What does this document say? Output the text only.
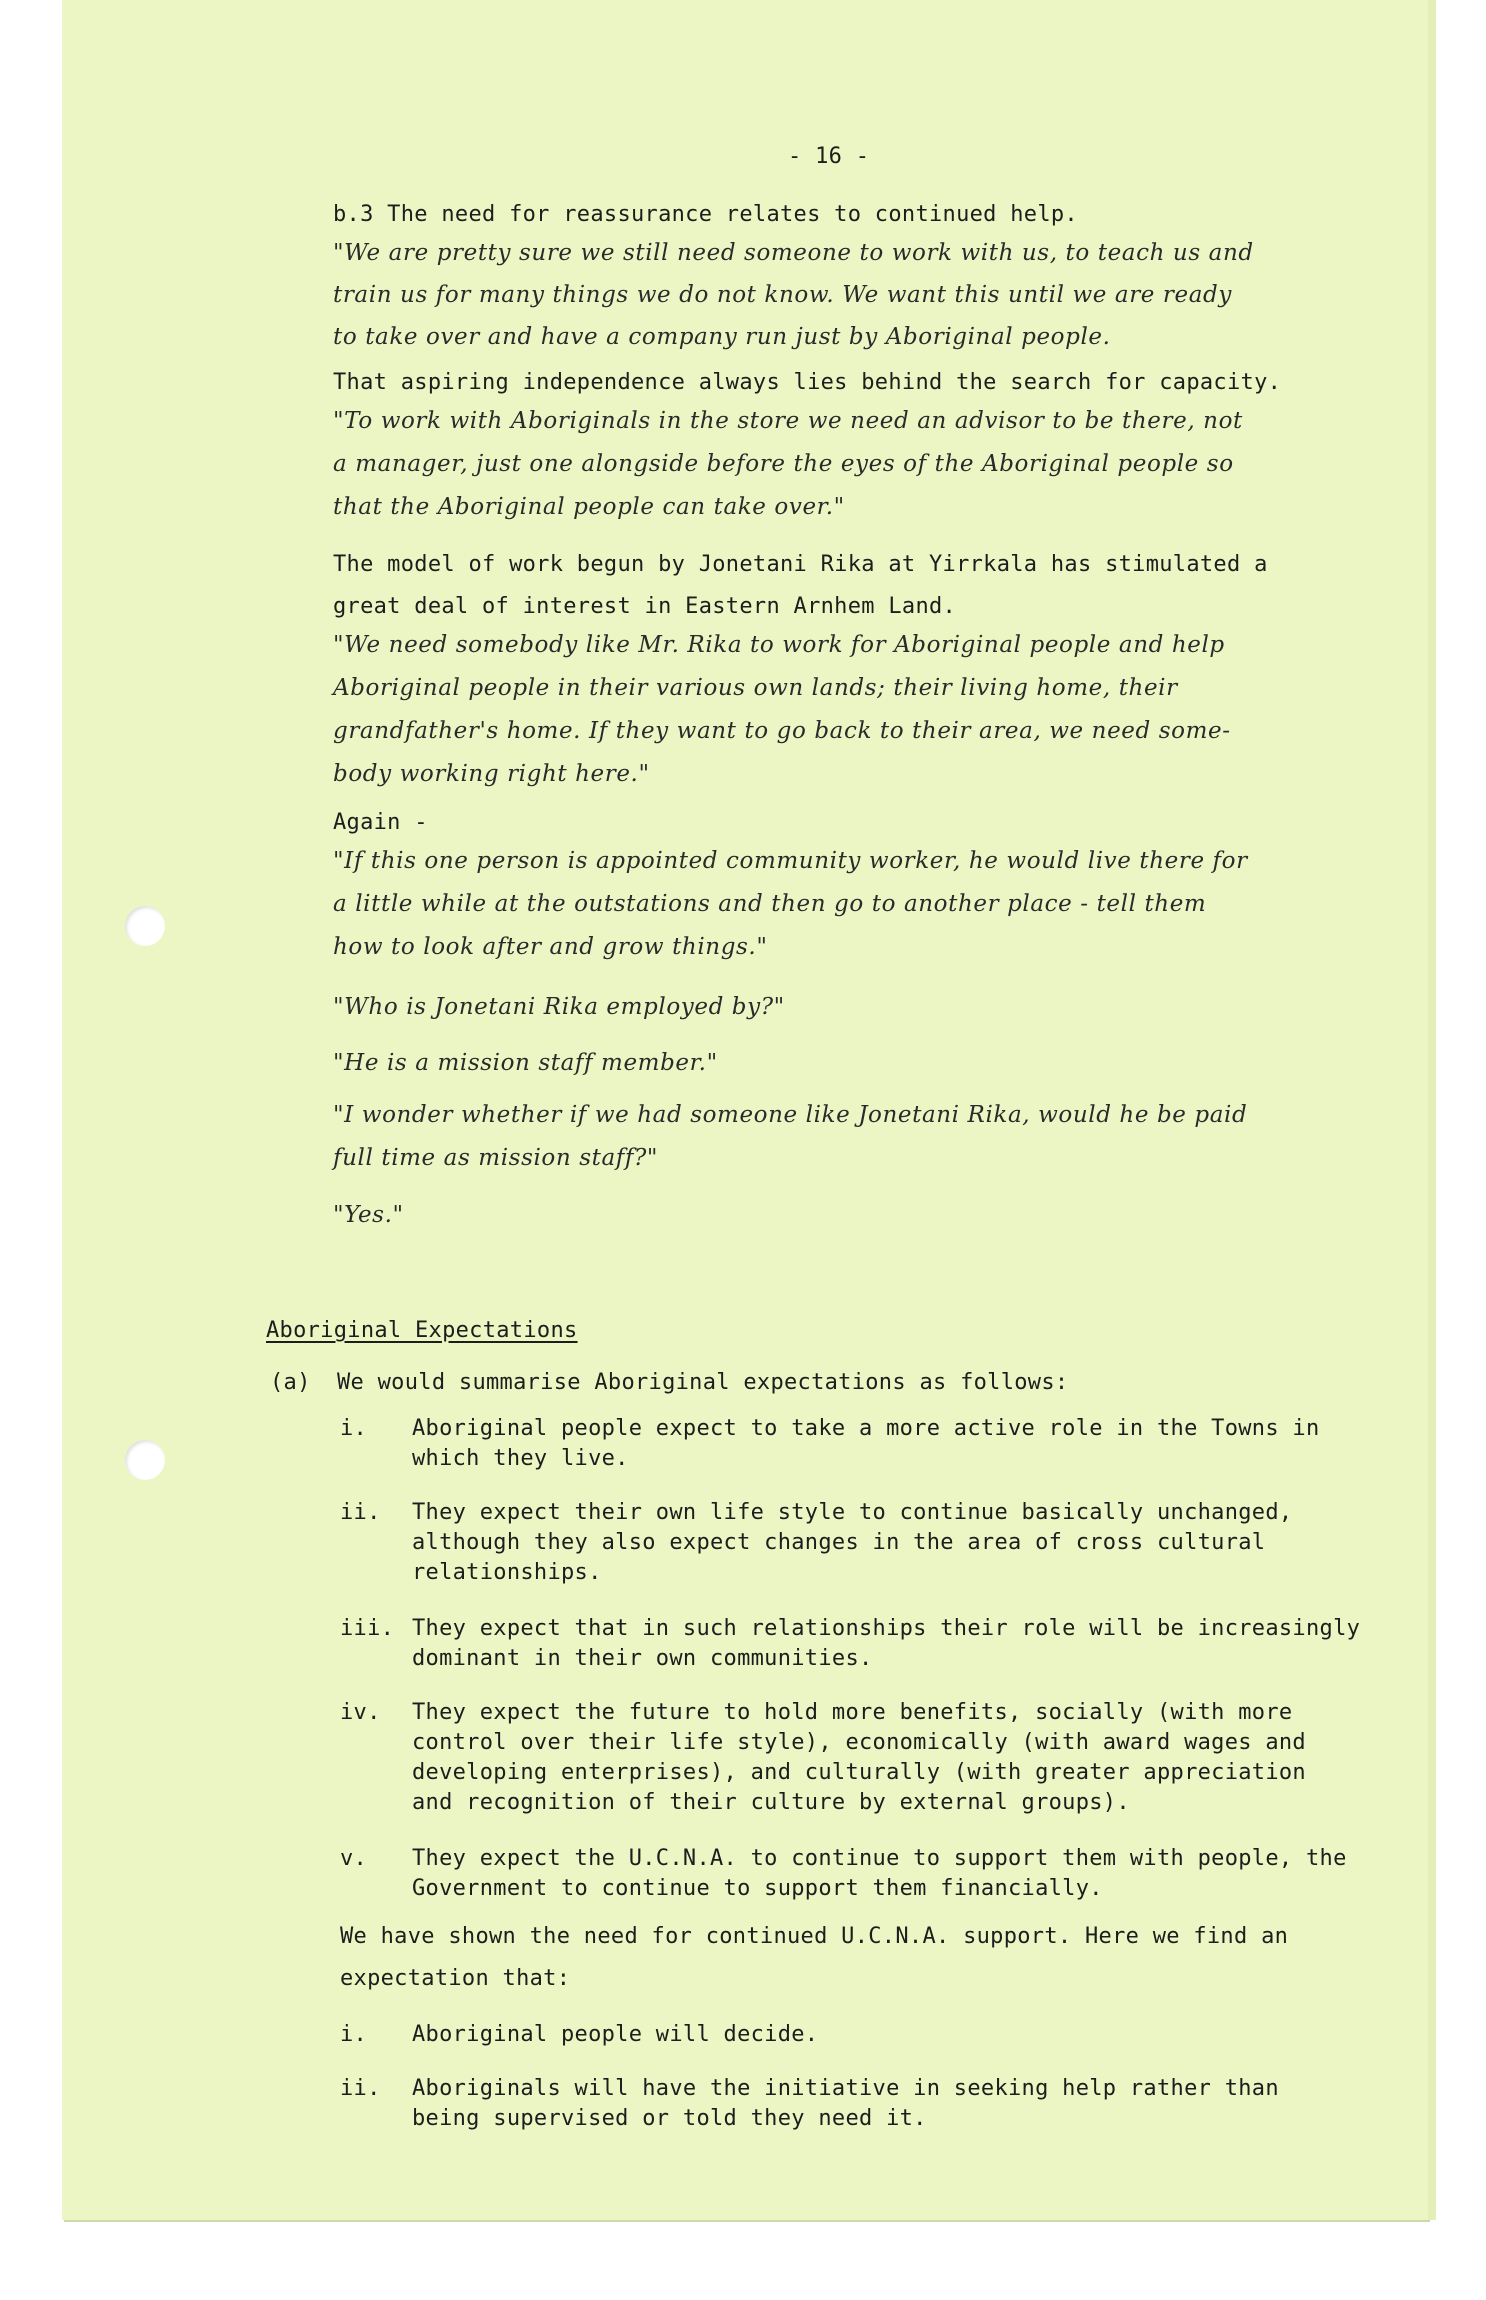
- 16 -
b.3 The need for reassurance relates to continued help.
"We are pretty sure we still need someone to work with us, to teach us and
train us for many things we do not know. We want this until we are ready
to take over and have a company run just by Aboriginal people.
That aspiring independence always lies behind the search for capacity.
"To work with Aboriginals in the store we need an advisor to be there, not
a manager, just one alongside before the eyes of the Aboriginal people so
that the Aboriginal people can take over."
The model of work begun by Jonetani Rika at Yirrkala has stimulated a
great deal of interest in Eastern Arnhem Land.
"We need somebody like Mr. Rika to work for Aboriginal people and help
Aboriginal people in their various own lands; their living home, their
grandfather's home. If they want to go back to their area, we need some-
body working right here."
Again -
"If this one person is appointed community worker, he would live there for
a little while at the outstations and then go to another place - tell them
how to look after and grow things."
"Who is Jonetani Rika employed by?"
"He is a mission staff member."
"I wonder whether if we had someone like Jonetani Rika, would he be paid
full time as mission staff?"
"Yes."
Aboriginal Expectations
(a) We would summarise Aboriginal expectations as follows:
i. Aboriginal people expect to take a more active role in the Towns in
which they live.
ii. They expect their own life style to continue basically unchanged,
although they also expect changes in the area of cross cultural
relationships.
iii. They expect that in such relationships their role will be increasingly
dominant in their own communities.
iv. They expect the future to hold more benefits, socially (with more
control over their life style), economically (with award wages and
developing enterprises), and culturally (with greater appreciation
and recognition of their culture by external groups).
v. They expect the U.C.N.A. to continue to support them with people, the
Government to continue to support them financially.
We have shown the need for continued U.C.N.A. support. Here we find an
expectation that:
i. Aboriginal people will decide.
ii. Aboriginals will have the initiative in seeking help rather than
being supervised or told they need it.
